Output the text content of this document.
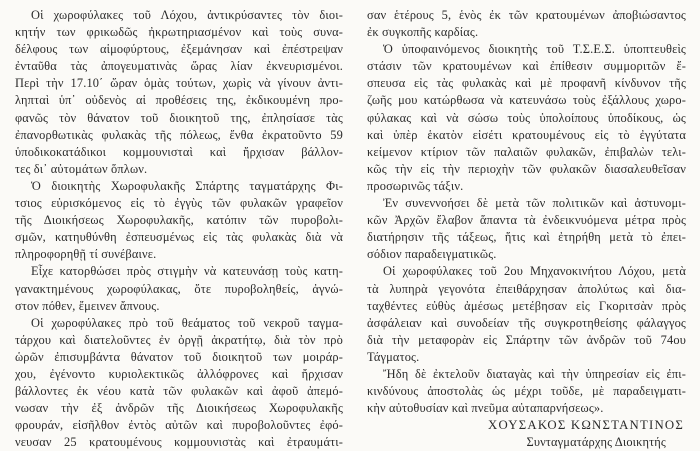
Οἱ χωροφύλακες τοῦ Λόχου, ἀντικρύσαντες τὸν διοι-
κητήν των φρικωδῶς ἠκρωτηριασμένον καὶ τοὺς συνα-
δέλφους των αἱμοφύρτους, ἐξεμάνησαν καὶ ἐπέστρεψαν
ἐνταῦθα τὰς ἀπογευματινὰς ὥρας λίαν ἐκνευρισμένοι.
Περὶ τὴν 17.10΄ ὥραν ὁμὰς τούτων, χωρὶς νὰ γίνουν ἀντι-
ληπταὶ ὑπ᾽ οὐδενὸς αἱ προθέσεις της, ἐκδικουμένη προ-
φανῶς τὸν θάνατον τοῦ διοικητοῦ της, ἐπλησίασε τὰς
ἐπανορθωτικὰς φυλακὰς τῆς πόλεως, ἔνθα ἐκρατοῦντο 59
ὑποδικοκατάδικοι κομμουνισταὶ καὶ ἤρχισαν βάλλον-
τες δι᾽ αὐτομάτων ὅπλων.
Ὁ διοικητὴς Χωροφυλακῆς Σπάρτης ταγματάρχης Φι-
τσιος εὑρισκόμενος εἰς τὸ ἐγγὺς τῶν φυλακῶν γραφεῖον
τῆς Διοικήσεως Χωροφυλακῆς, κατόπιν τῶν πυροβολι-
σμῶν, κατηυθύνθη ἐσπευσμένως εἰς τὰς φυλακὰς διὰ νὰ
πληροφορηθῇ τί συνέβαινε.
Εἶχε κατορθώσει πρὸς στιγμὴν νὰ κατευνάσῃ τοὺς κατη-
γανακτημένους χωροφύλακας, ὅτε πυροβοληθείς, ἀγνώ-
στον πόθεν, ἔμεινεν ἄπνους.
Οἱ χωροφύλακες πρὸ τοῦ θεάματος τοῦ νεκροῦ ταγμα-
τάρχου καὶ διατελοῦντες ἐν ὀργῇ ἀκρατήτῳ, διὰ τὸν πρὸ
ὡρῶν ἐπισυμβάντα θάνατον τοῦ διοικητοῦ των μοιράρ-
χου, ἐγένοντο κυριολεκτικῶς ἀλλόφρονες καὶ ἤρχισαν
βάλλοντες ἐκ νέου κατὰ τῶν φυλακῶν καὶ ἀφοῦ ἀπεμό-
νωσαν τὴν ἐξ ἀνδρῶν τῆς Διοικήσεως Χωροφυλακῆς
φρουράν, εἰσῆλθον ἐντὸς αὐτῶν καὶ πυροβολοῦντες ἐφό-
νευσαν 25 κρατουμένους κομμουνιστὰς καὶ ἐτραυμάτι-
σαν ἑτέρους 5, ἑνὸς ἐκ τῶν κρατουμένων ἀποβιώσαντος
ἐκ συγκοπῆς καρδίας.
Ὁ ὑποφαινόμενος διοικητὴς τοῦ Τ.Σ.Ε.Σ. ὑποπτευθεὶς
στάσιν τῶν κρατουμένων καὶ ἐπίθεσιν συμμοριτῶν ἔ-
σπευσα εἰς τὰς φυλακὰς καὶ μὲ προφανῆ κίνδυνον τῆς
ζωῆς μου κατώρθωσα νὰ κατευνάσω τοὺς ἐξάλλους χωρο-
φύλακας καὶ νὰ σώσω τοὺς ὑπολοίπους ὑποδίκους, ὡς
καὶ ὑπὲρ ἑκατὸν εἰσέτι κρατουμένους εἰς τὸ ἐγγύτατα
κείμενον κτίριον τῶν παλαιῶν φυλακῶν, ἐπιβαλὼν τελι-
κῶς τὴν εἰς τὴν περιοχὴν τῶν φυλακῶν διασαλευθεῖσαν
προσωρινῶς τάξιν.
Ἐν συνεννοήσει δὲ μετὰ τῶν πολιτικῶν καὶ ἀστυνομι-
κῶν Ἀρχῶν ἔλαβον ἅπαντα τὰ ἐνδεικνυόμενα μέτρα πρὸς
διατήρησιν τῆς τάξεως, ἥτις καὶ ἐτηρήθη μετὰ τὸ ἐπει-
σόδιον παραδειγματικῶς.
Οἱ χωροφύλακες τοῦ 2ου Μηχανοκινήτου Λόχου, μετὰ
τὰ λυπηρὰ γεγονότα ἐπειθάρχησαν ἀπολύτως καὶ δια-
ταχθέντες εὐθὺς ἀμέσως μετέβησαν εἰς Γκοριτσὰν πρὸς
ἀσφάλειαν καὶ συνοδείαν τῆς συγκροτηθείσης φάλαγγος
διὰ τὴν μεταφορὰν εἰς Σπάρτην τῶν ἀνδρῶν τοῦ 74ου
Τάγματος.
Ἤδη δὲ ἐκτελοῦν διαταγὰς καὶ τὴν ὑπηρεσίαν εἰς ἐπι-
κινδύνους ἀποστολὰς ὡς μέχρι τοῦδε, μὲ παραδειγματι-
κὴν αὐτοθυσίαν καὶ πνεῦμα αὐταπαρνήσεως».
ΧΟΥΣΑΚΟΣ ΚΩΝΣΤΑΝΤΙΝΟΣ
Συνταγματάρχης Διοικητής
